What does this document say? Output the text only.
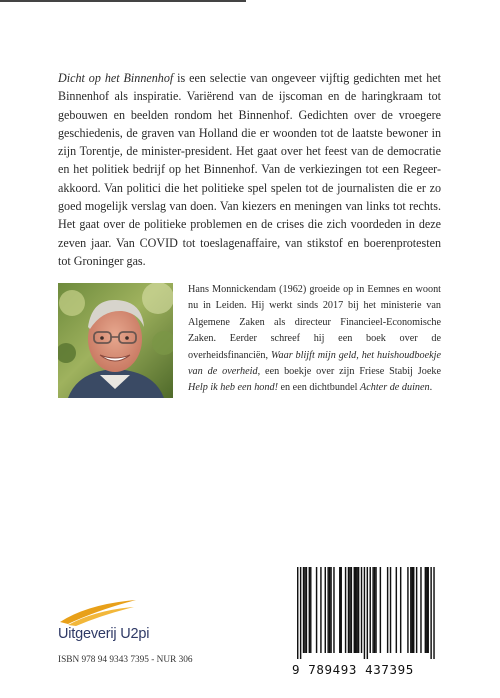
Dicht op het Binnenhof is een selectie van ongeveer vijftig gedichten met het Binnenhof als inspiratie. Variërend van de ijscoman en de haringkraam tot gebouwen en beelden rondom het Binnenhof. Gedichten over de vroegere geschiedenis, de graven van Holland die er woonden tot de laatste bewoner in zijn Torentje, de minister-president. Het gaat over het feest van de democratie en het politiek bedrijf op het Binnenhof. Van de verkiezingen tot een Regeer-akkoord. Van politici die het politieke spel spelen tot de journalisten die er zo goed mogelijk verslag van doen. Van kiezers en meningen van links tot rechts. Het gaat over de politieke problemen en de crises die zich voordeden in deze zeven jaar. Van COVID tot toeslagenaffaire, van stikstof en boerenprotesten tot Groninger gas.

Hans Monnickendam (1962) groeide op in Eemnes en woont nu in Leiden. Hij werkt sinds 2017 bij het ministerie van Algemene Zaken als directeur Financieel-Economische Zaken. Eerder schreef hij een boek over de overheidsfinanciën, Waar blijft mijn geld, het huishoudboekje van de overheid, een boekje over zijn Friese Stabij Joeke Help ik heb een hond! en een dichtbundel Achter de duinen.

Uitgeverij U2pi
ISBN 978 94 9343 7395 - NUR 306
9 789493 437395
